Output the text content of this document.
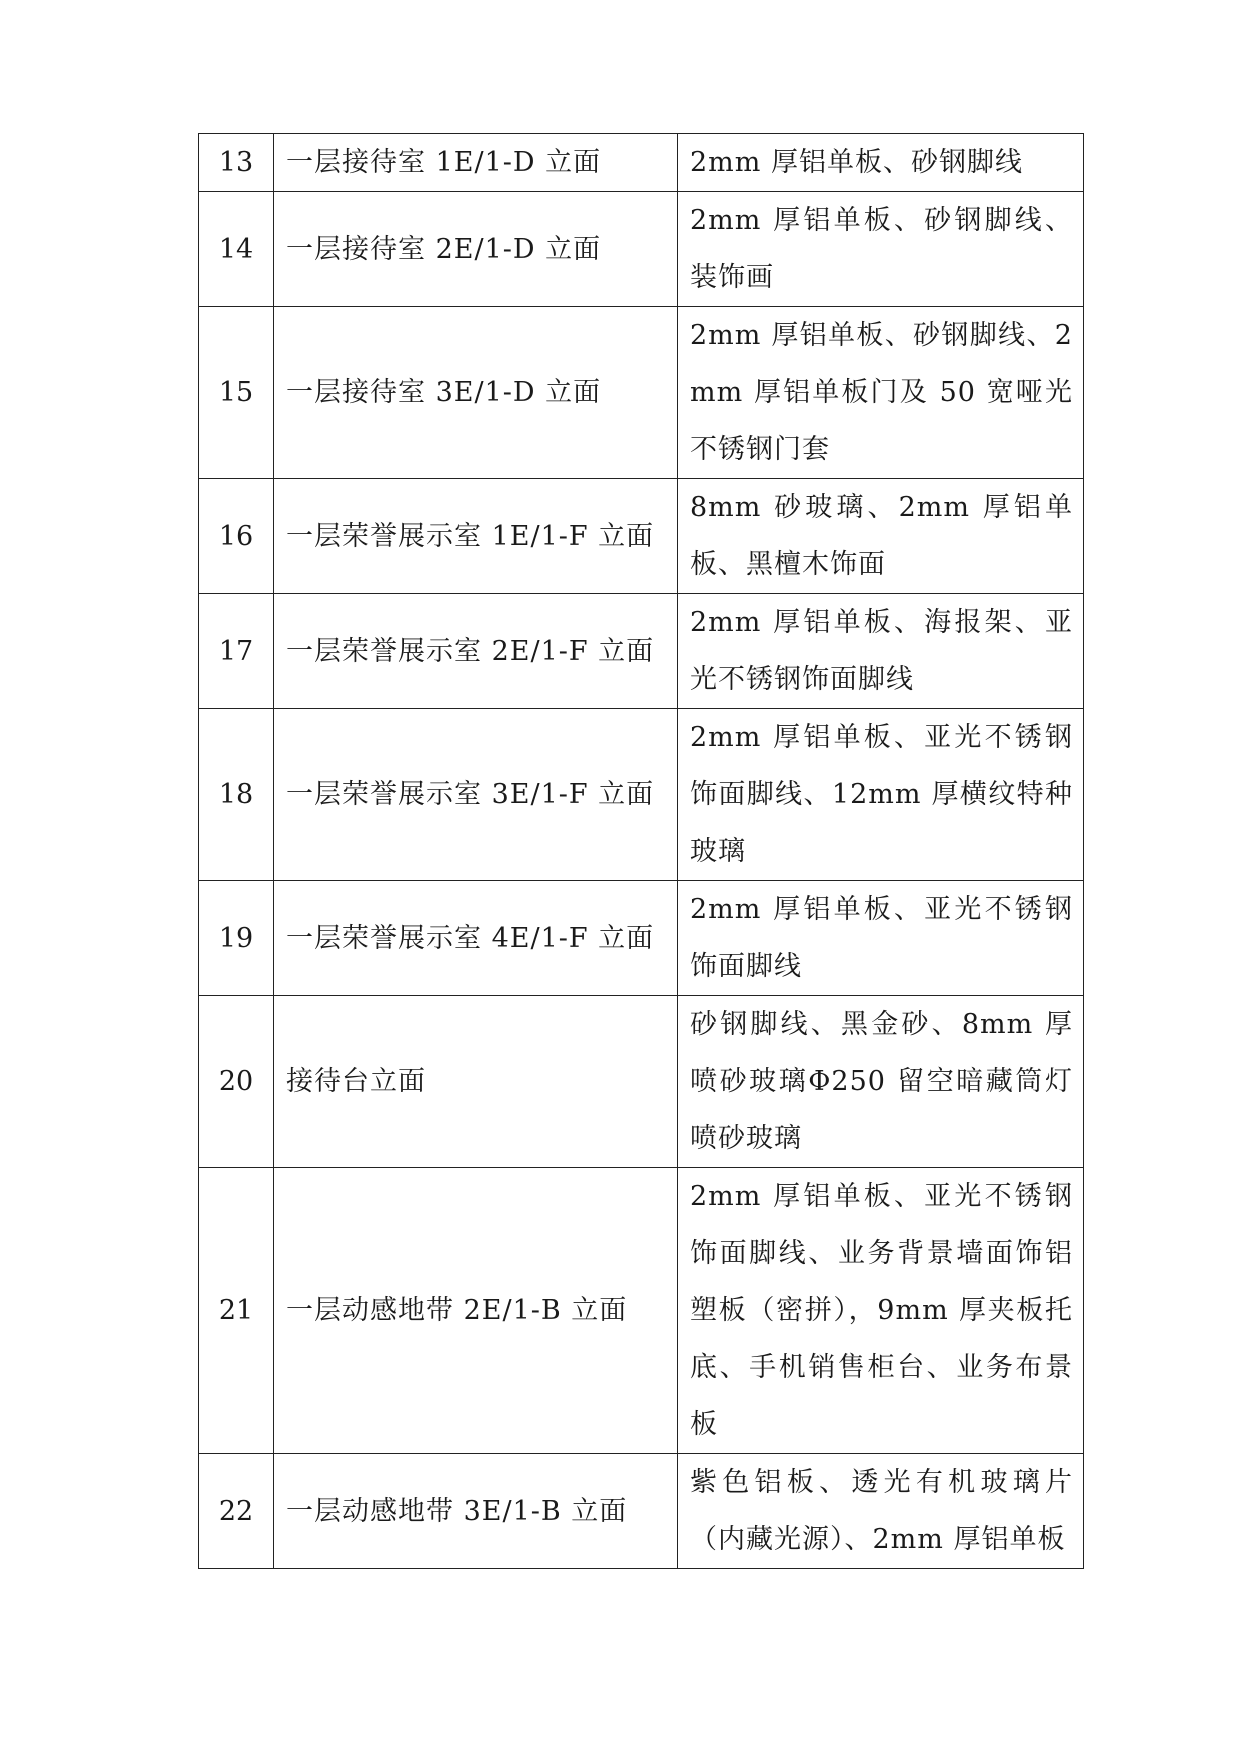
13	一层接待室 1E/1-D 立面	2mm 厚铝单板、砂钢脚线
14	一层接待室 2E/1-D 立面	2mm 厚铝单板、砂钢脚线、装饰画
15	一层接待室 3E/1-D 立面	2mm 厚铝单板、砂钢脚线、2mm 厚铝单板门及 50 宽哑光不锈钢门套
16	一层荣誉展示室 1E/1-F 立面	8mm 砂玻璃、2mm 厚铝单板、黑檀木饰面
17	一层荣誉展示室 2E/1-F 立面	2mm 厚铝单板、海报架、亚光不锈钢饰面脚线
18	一层荣誉展示室 3E/1-F 立面	2mm 厚铝单板、亚光不锈钢饰面脚线、12mm 厚横纹特种玻璃
19	一层荣誉展示室 4E/1-F 立面	2mm 厚铝单板、亚光不锈钢饰面脚线
20	接待台立面	砂钢脚线、黑金砂、8mm 厚喷砂玻璃Φ250 留空暗藏筒灯喷砂玻璃
21	一层动感地带 2E/1-B 立面	2mm 厚铝单板、亚光不锈钢饰面脚线、业务背景墙面饰铝塑板（密拼），9mm 厚夹板托底、手机销售柜台、业务布景板
22	一层动感地带 3E/1-B 立面	紫色铝板、透光有机玻璃片（内藏光源）、2mm 厚铝单板
